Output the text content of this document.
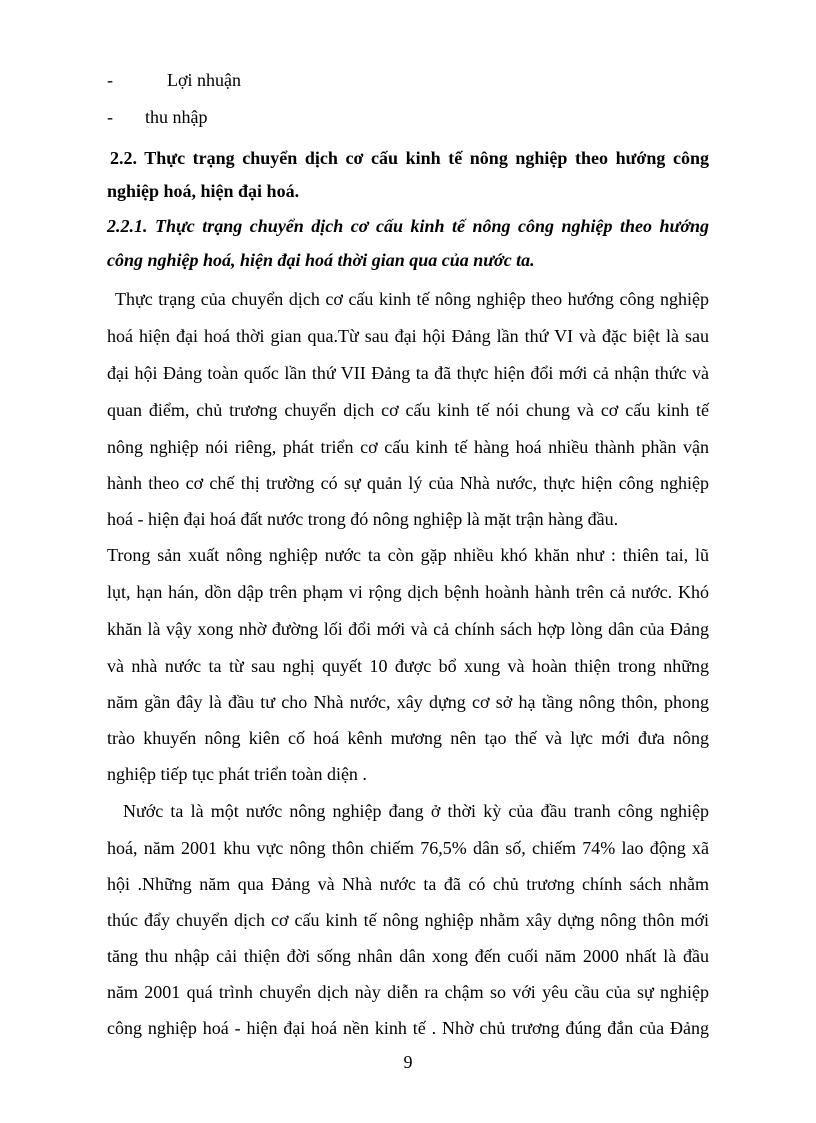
-	Lợi nhuận
- thu nhập
2.2. Thực trạng chuyển dịch cơ cấu kinh tế nông nghiệp theo hướng công
nghiệp hoá, hiện đại hoá.
2.2.1. Thực trạng chuyển dịch cơ cấu kinh tế nông công nghiệp theo hướng
công nghiệp hoá, hiện đại hoá thời gian qua của nước ta.
Thực trạng của chuyển dịch cơ cấu kinh tế nông nghiệp theo hướng công nghiệp
hoá hiện đại hoá thời gian qua.Từ sau đại hội Đảng lần thứ VI và đặc biệt là sau
đại hội Đảng toàn quốc lần thứ VII Đảng ta đã thực hiện đổi mới cả nhận thức và
quan điểm, chủ trương chuyển dịch cơ cấu kinh tế nói chung và cơ cấu kinh tế
nông nghiệp nói riêng, phát triển cơ cấu kinh tế hàng hoá nhiều thành phần vận
hành theo cơ chế thị trường có sự quản lý của Nhà nước, thực hiện công nghiệp
hoá - hiện đại hoá đất nước trong đó nông nghiệp là mặt trận hàng đầu.
Trong sản xuất nông nghiệp nước ta còn gặp nhiều khó khăn như : thiên tai, lũ
lụt, hạn hán, dồn dập trên phạm vi rộng dịch bệnh hoành hành trên cả nước. Khó
khăn là vậy xong nhờ đường lối đổi mới và cả chính sách hợp lòng dân của Đảng
và nhà nước ta từ sau nghị quyết 10 được bổ xung và hoàn thiện trong những
năm gần đây là đầu tư cho Nhà nước, xây dựng cơ sở hạ tầng nông thôn, phong
trào khuyến nông kiên cố hoá kênh mương nên tạo thế và lực mới đưa nông
nghiệp tiếp tục phát triển toàn diện .
Nước ta là một nước nông nghiệp đang ở thời kỳ của đầu tranh công nghiệp
hoá, năm 2001 khu vực nông thôn chiếm 76,5% dân số, chiếm 74% lao động xã
hội .Những năm qua Đảng và Nhà nước ta đã có chủ trương chính sách nhằm
thúc đẩy chuyển dịch cơ cấu kinh tế nông nghiệp nhằm xây dựng nông thôn mới
tăng thu nhập cải thiện đời sống nhân dân xong đến cuối năm 2000 nhất là đầu
năm 2001 quá trình chuyển dịch này diễn ra chậm so với yêu cầu của sự nghiệp
công nghiệp hoá - hiện đại hoá nền kinh tế . Nhờ chủ trương đúng đắn của Đảng
9
